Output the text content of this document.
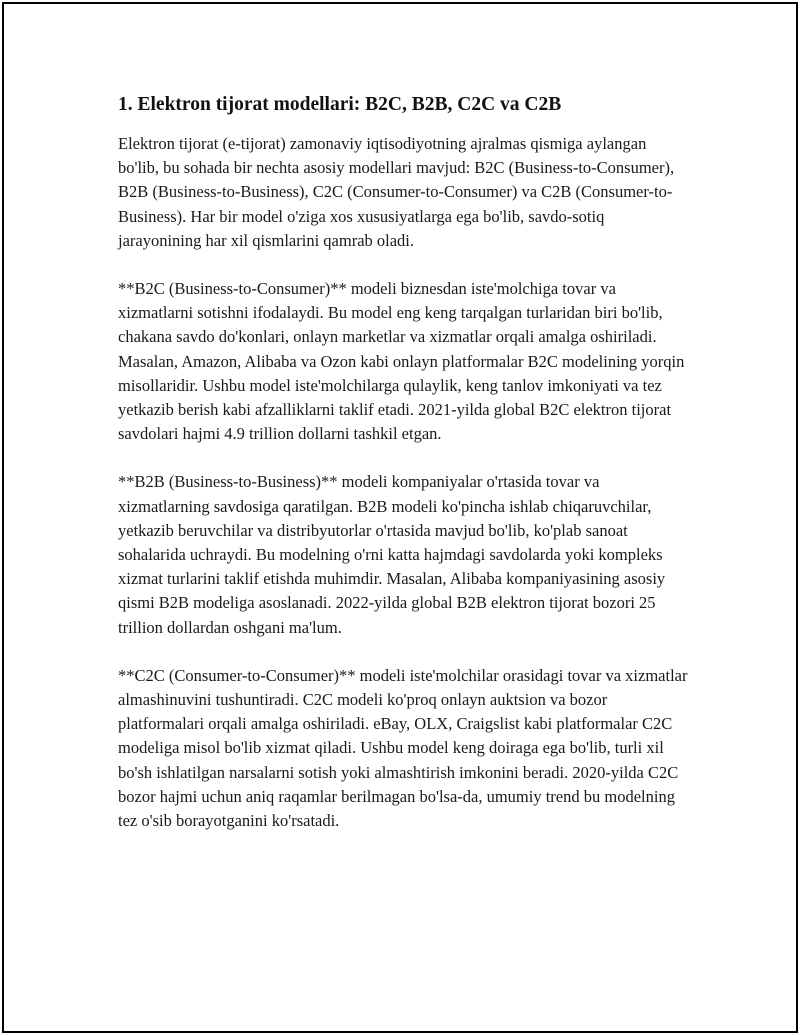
1. Elektron tijorat modellari: B2C, B2B, C2C va C2B

Elektron tijorat (e-tijorat) zamonaviy iqtisodiyotning ajralmas qismiga aylangan bo'lib, bu sohada bir nechta asosiy modellari mavjud: B2C (Business-to-Consumer), B2B (Business-to-Business), C2C (Consumer-to-Consumer) va C2B (Consumer-to-Business). Har bir model o'ziga xos xususiyatlarga ega bo'lib, savdo-sotiq jarayonining har xil qismlarini qamrab oladi.

**B2C (Business-to-Consumer)** modeli biznesdan iste'molchiga tovar va xizmatlarni sotishni ifodalaydi. Bu model eng keng tarqalgan turlaridan biri bo'lib, chakana savdo do'konlari, onlayn marketlar va xizmatlar orqali amalga oshiriladi. Masalan, Amazon, Alibaba va Ozon kabi onlayn platformalar B2C modelining yorqin misollaridir. Ushbu model iste'molchilarga qulaylik, keng tanlov imkoniyati va tez yetkazib berish kabi afzalliklarni taklif etadi. 2021-yilda global B2C elektron tijorat savdolari hajmi 4.9 trillion dollarni tashkil etgan.

**B2B (Business-to-Business)** modeli kompaniyalar o'rtasida tovar va xizmatlarning savdosiga qaratilgan. B2B modeli ko'pincha ishlab chiqaruvchilar, yetkazib beruvchilar va distribyutorlar o'rtasida mavjud bo'lib, ko'plab sanoat sohalarida uchraydi. Bu modelning o'rni katta hajmdagi savdolarda yoki kompleks xizmat turlarini taklif etishda muhimdir. Masalan, Alibaba kompaniyasining asosiy qismi B2B modeliga asoslanadi. 2022-yilda global B2B elektron tijorat bozori 25 trillion dollardan oshgani ma'lum.

**C2C (Consumer-to-Consumer)** modeli iste'molchilar orasidagi tovar va xizmatlar almashinuvini tushuntiradi. C2C modeli ko'proq onlayn auktsion va bozor platformalari orqali amalga oshiriladi. eBay, OLX, Craigslist kabi platformalar C2C modeliga misol bo'lib xizmat qiladi. Ushbu model keng doiraga ega bo'lib, turli xil bo'sh ishlatilgan narsalarni sotish yoki almashtirish imkonini beradi. 2020-yilda C2C bozor hajmi uchun aniq raqamlar berilmagan bo'lsa-da, umumiy trend bu modelning tez o'sib borayotganini ko'rsatadi.
